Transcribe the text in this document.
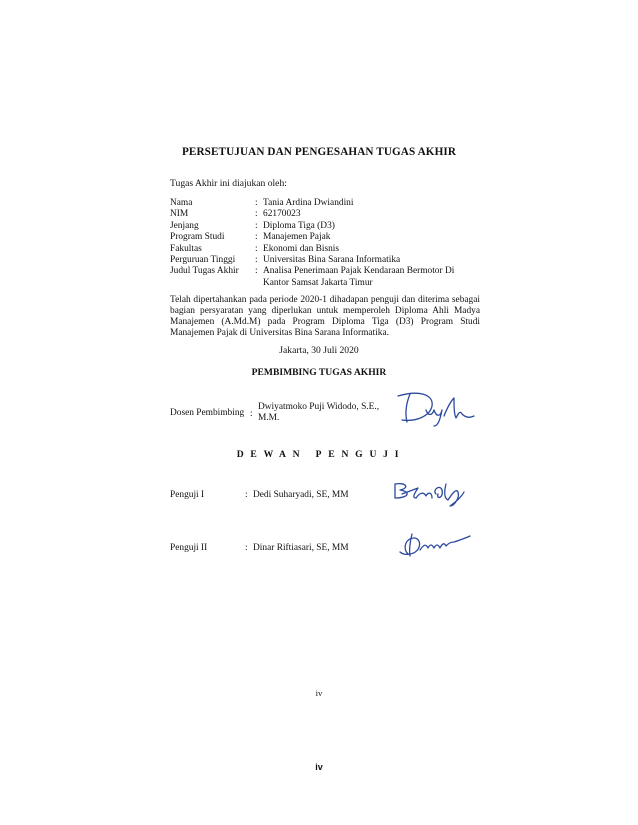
PERSETUJUAN DAN PENGESAHAN TUGAS AKHIR
Tugas Akhir ini diajukan oleh:
Nama	: Tania Ardina Dwiandini
NIM	: 62170023
Jenjang	: Diploma Tiga (D3)
Program Studi	: Manajemen Pajak
Fakultas	: Ekonomi dan Bisnis
Perguruan Tinggi	: Universitas Bina Sarana Informatika
Judul Tugas Akhir	: Analisa Penerimaan Pajak Kendaraan Bermotor Di Kantor Samsat Jakarta Timur
Telah dipertahankan pada periode 2020-1 dihadapan penguji dan diterima sebagai bagian persyaratan yang diperlukan untuk memperoleh Diploma Ahli Madya Manajemen (A.Md.M) pada Program Diploma Tiga (D3) Program Studi Manajemen Pajak di Universitas Bina Sarana Informatika.
Jakarta, 30 Juli 2020
PEMBIMBING TUGAS AKHIR
Dosen Pembimbing :
Dwiyatmoko Puji Widodo, S.E., M.M.
DEWAN PENGUJI
Penguji I	: Dedi Suharyadi, SE, MM
Penguji II	: Dinar Riftiasari, SE, MM
iv
iv
